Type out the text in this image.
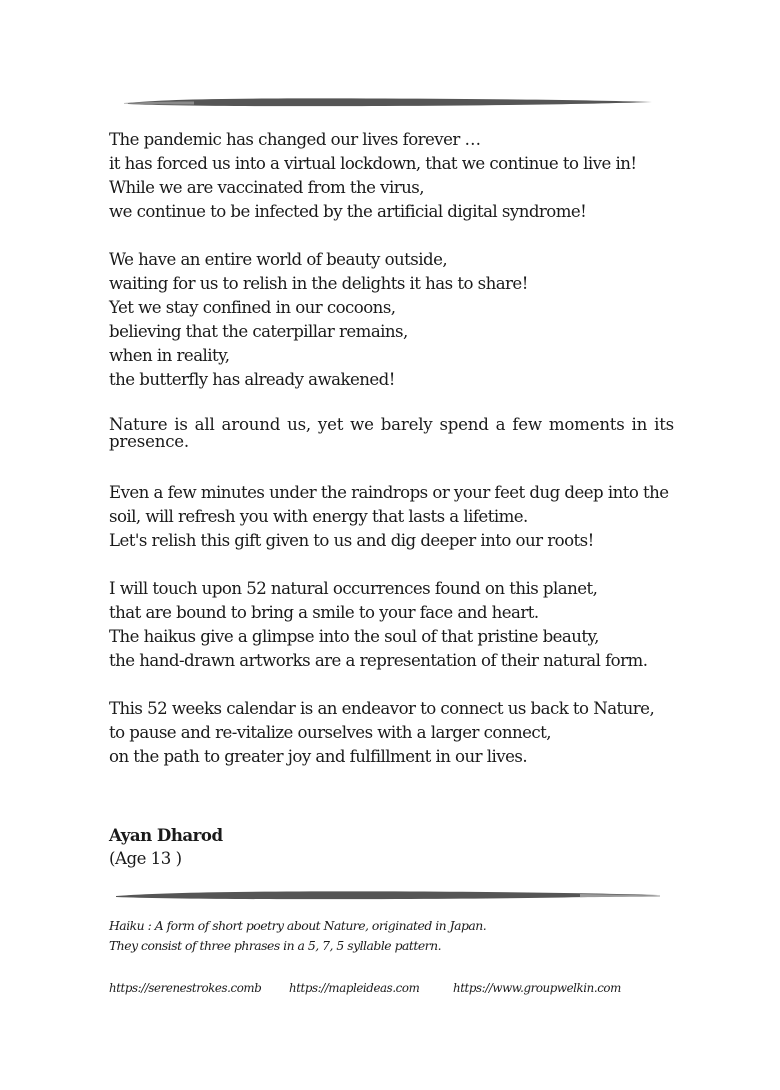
The pandemic has changed our lives forever …
it has forced us into a virtual lockdown, that we continue to live in!
While we are vaccinated from the virus,
we continue to be infected by the artificial digital syndrome!
We have an entire world of beauty outside,
waiting for us to relish in the delights it has to share!
Yet we stay confined in our cocoons,
believing that the caterpillar remains,
when in reality,
the butterfly has already awakened!
Nature is all around us, yet we barely spend a few moments in its presence.
Even a few minutes under the raindrops or your feet dug deep into the
soil, will refresh you with energy that lasts a lifetime.
Let's relish this gift given to us and dig deeper into our roots!
I will touch upon 52 natural occurrences found on this planet,
that are bound to bring a smile to your face and heart.
The haikus give a glimpse into the soul of that pristine beauty,
the hand-drawn artworks are a representation of their natural form.
This 52 weeks calendar is an endeavor to connect us back to Nature,
to pause and re-vitalize ourselves with a larger connect,
on the path to greater joy and fulfillment in our lives.
Ayan Dharod
(Age 13 )
Haiku : A form of short poetry about Nature, originated in Japan.
They consist of three phrases in a 5, 7, 5 syllable pattern.
https://serenestrokes.comb https://mapleideas.com	https://www.groupwelkin.com
